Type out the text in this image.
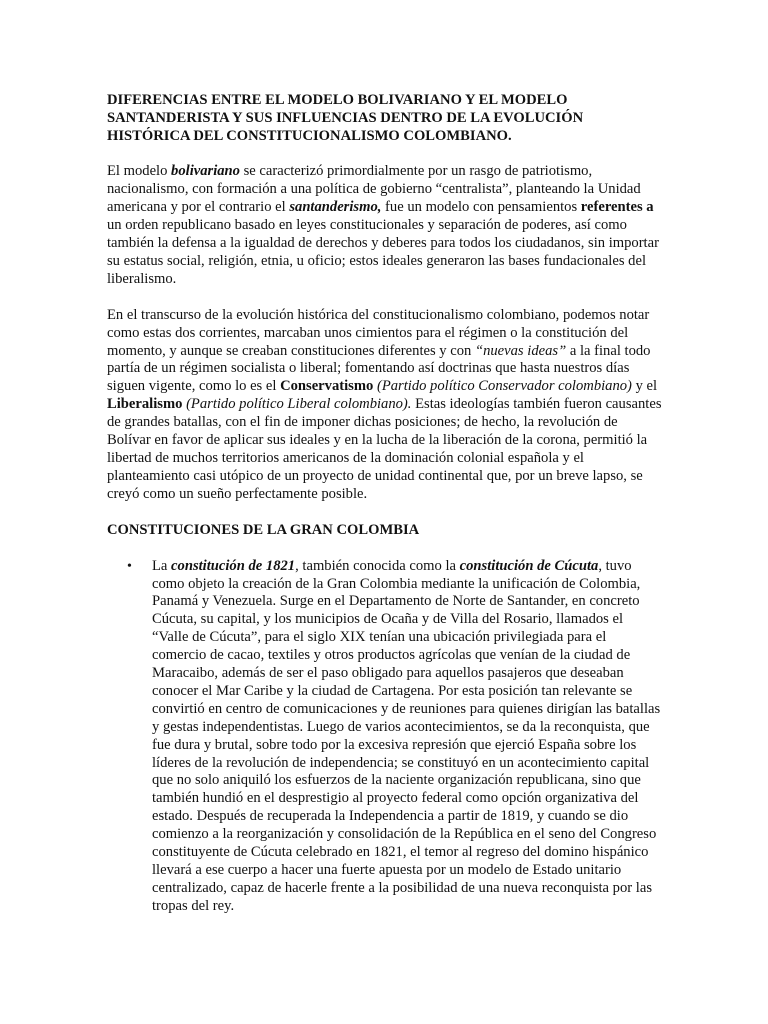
DIFERENCIAS ENTRE EL MODELO BOLIVARIANO Y EL MODELO SANTANDERISTA Y SUS INFLUENCIAS DENTRO DE LA EVOLUCIÓN HISTÓRICA DEL CONSTITUCIONALISMO COLOMBIANO.

El modelo bolivariano se caracterizó primordialmente por un rasgo de patriotismo, nacionalismo, con formación a una política de gobierno “centralista”, planteando la Unidad americana y por el contrario el santanderismo, fue un modelo con pensamientos referentes a un orden republicano basado en leyes constitucionales y separación de poderes, así como también la defensa a la igualdad de derechos y deberes para todos los ciudadanos, sin importar su estatus social, religión, etnia, u oficio; estos ideales generaron las bases fundacionales del liberalismo.

En el transcurso de la evolución histórica del constitucionalismo colombiano, podemos notar como estas dos corrientes, marcaban unos cimientos para el régimen o la constitución del momento, y aunque se creaban constituciones diferentes y con “nuevas ideas” a la final todo partía de un régimen socialista o liberal; fomentando así doctrinas que hasta nuestros días siguen vigente, como lo es el Conservatismo (Partido político Conservador colombiano) y el Liberalismo (Partido político Liberal colombiano). Estas ideologías también fueron causantes de grandes batallas, con el fin de imponer dichas posiciones; de hecho, la revolución de Bolívar en favor de aplicar sus ideales y en la lucha de la liberación de la corona, permitió la libertad de muchos territorios americanos de la dominación colonial española y el planteamiento casi utópico de un proyecto de unidad continental que, por un breve lapso, se creyó como un sueño perfectamente posible.

CONSTITUCIONES DE LA GRAN COLOMBIA
• La constitución de 1821, también conocida como la constitución de Cúcuta, tuvo como objeto la creación de la Gran Colombia mediante la unificación de Colombia, Panamá y Venezuela. Surge en el Departamento de Norte de Santander, en concreto Cúcuta, su capital, y los municipios de Ocaña y de Villa del Rosario, llamados el “Valle de Cúcuta”, para el siglo XIX tenían una ubicación privilegiada para el comercio de cacao, textiles y otros productos agrícolas que venían de la ciudad de Maracaibo, además de ser el paso obligado para aquellos pasajeros que deseaban conocer el Mar Caribe y la ciudad de Cartagena. Por esta posición tan relevante se convirtió en centro de comunicaciones y de reuniones para quienes dirigían las batallas y gestas independentistas. Luego de varios acontecimientos, se da la reconquista, que fue dura y brutal, sobre todo por la excesiva represión que ejerció España sobre los líderes de la revolución de independencia; se constituyó en un acontecimiento capital que no solo aniquiló los esfuerzos de la naciente organización republicana, sino que también hundió en el desprestigio al proyecto federal como opción organizativa del estado. Después de recuperada la Independencia a partir de 1819, y cuando se dio comienzo a la reorganización y consolidación de la República en el seno del Congreso constituyente de Cúcuta celebrado en 1821, el temor al regreso del domino hispánico llevará a ese cuerpo a hacer una fuerte apuesta por un modelo de Estado unitario centralizado, capaz de hacerle frente a la posibilidad de una nueva reconquista por las tropas del rey.
